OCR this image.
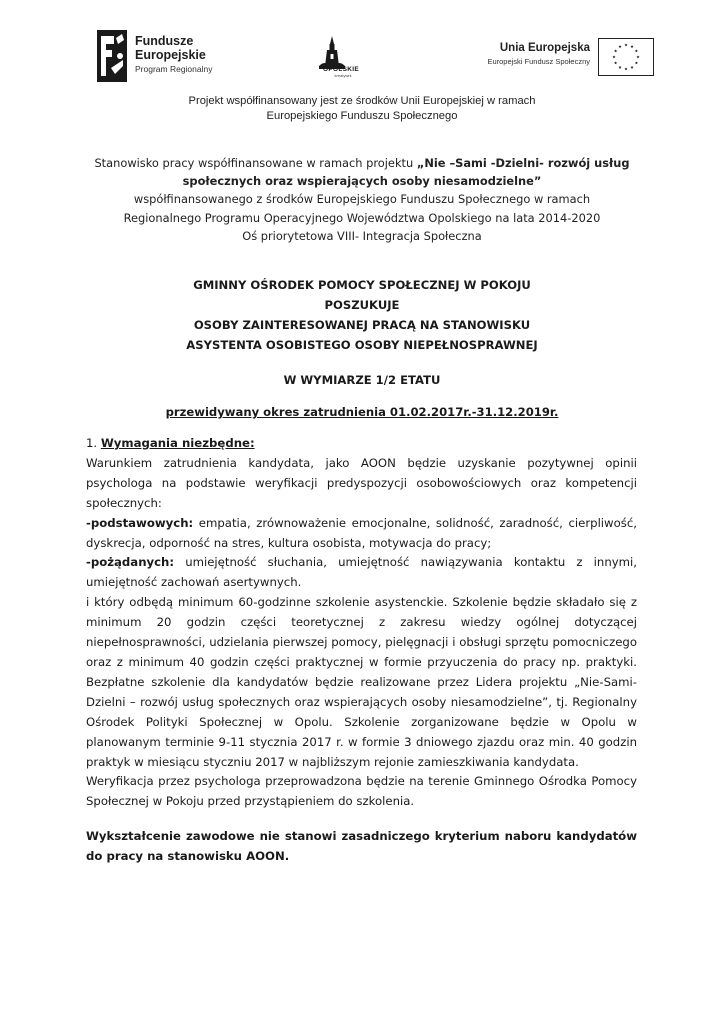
Fundusze
Europejskie
Program Regionalny	OPOLSKIE
kreatywni
Unia Europejska
Europejski Fundusz Społeczny
Projekt współfinansowany jest ze środków Unii Europejskiej w ramach
Europejskiego Funduszu Społecznego
Stanowisko pracy współfinansowane w ramach projektu „Nie –Sami -Dzielni- rozwój usług
społecznych oraz wspierających osoby niesamodzielne”
współfinansowanego z środków Europejskiego Funduszu Społecznego w ramach
Regionalnego Programu Operacyjnego Województwa Opolskiego na lata 2014-2020
Oś priorytetowa VIII- Integracja Społeczna
GMINNY OŚRODEK POMOCY SPOŁECZNEJ W POKOJU
POSZUKUJE
OSOBY ZAINTERESOWANEJ PRACĄ NA STANOWISKU
ASYSTENTA OSOBISTEGO OSOBY NIEPEŁNOSPRAWNEJ
W WYMIARZE 1/2 ETATU
przewidywany okres zatrudnienia 01.02.2017r.-31.12.2019r.

1. Wymagania niezbędne:

Warunkiem zatrudnienia kandydata, jako AOON będzie uzyskanie pozytywnej opinii psychologa na podstawie weryfikacji predyspozycji osobowościowych oraz kompetencji społecznych:

-podstawowych: empatia, zrównoważenie emocjonalne, solidność, zaradność, cierpliwość, dyskrecja, odporność na stres, kultura osobista, motywacja do pracy;

-pożądanych: umiejętność słuchania, umiejętność nawiązywania kontaktu z innymi, umiejętność zachowań asertywnych.

i który odbędą minimum 60-godzinne szkolenie asystenckie. Szkolenie będzie składało się z minimum 20 godzin części teoretycznej z zakresu wiedzy ogólnej dotyczącej niepełnosprawności, udzielania pierwszej pomocy, pielęgnacji i obsługi sprzętu pomocniczego oraz z minimum 40 godzin części praktycznej w formie przyuczenia do pracy np. praktyki. Bezpłatne szkolenie dla kandydatów będzie realizowane przez Lidera projektu „Nie-Sami-Dzielni – rozwój usług społecznych oraz wspierających osoby niesamodzielne”, tj. Regionalny Ośrodek Polityki Społecznej w Opolu. Szkolenie zorganizowane będzie w Opolu w planowanym terminie 9-11 stycznia 2017 r. w formie 3 dniowego zjazdu oraz min. 40 godzin praktyk w miesiącu styczniu 2017 w najbliższym rejonie zamieszkiwania kandydata.

Weryfikacja przez psychologa przeprowadzona będzie na terenie Gminnego Ośrodka Pomocy Społecznej w Pokoju przed przystąpieniem do szkolenia.

Wykształcenie zawodowe nie stanowi zasadniczego kryterium naboru kandydatów do pracy na stanowisku AOON.
